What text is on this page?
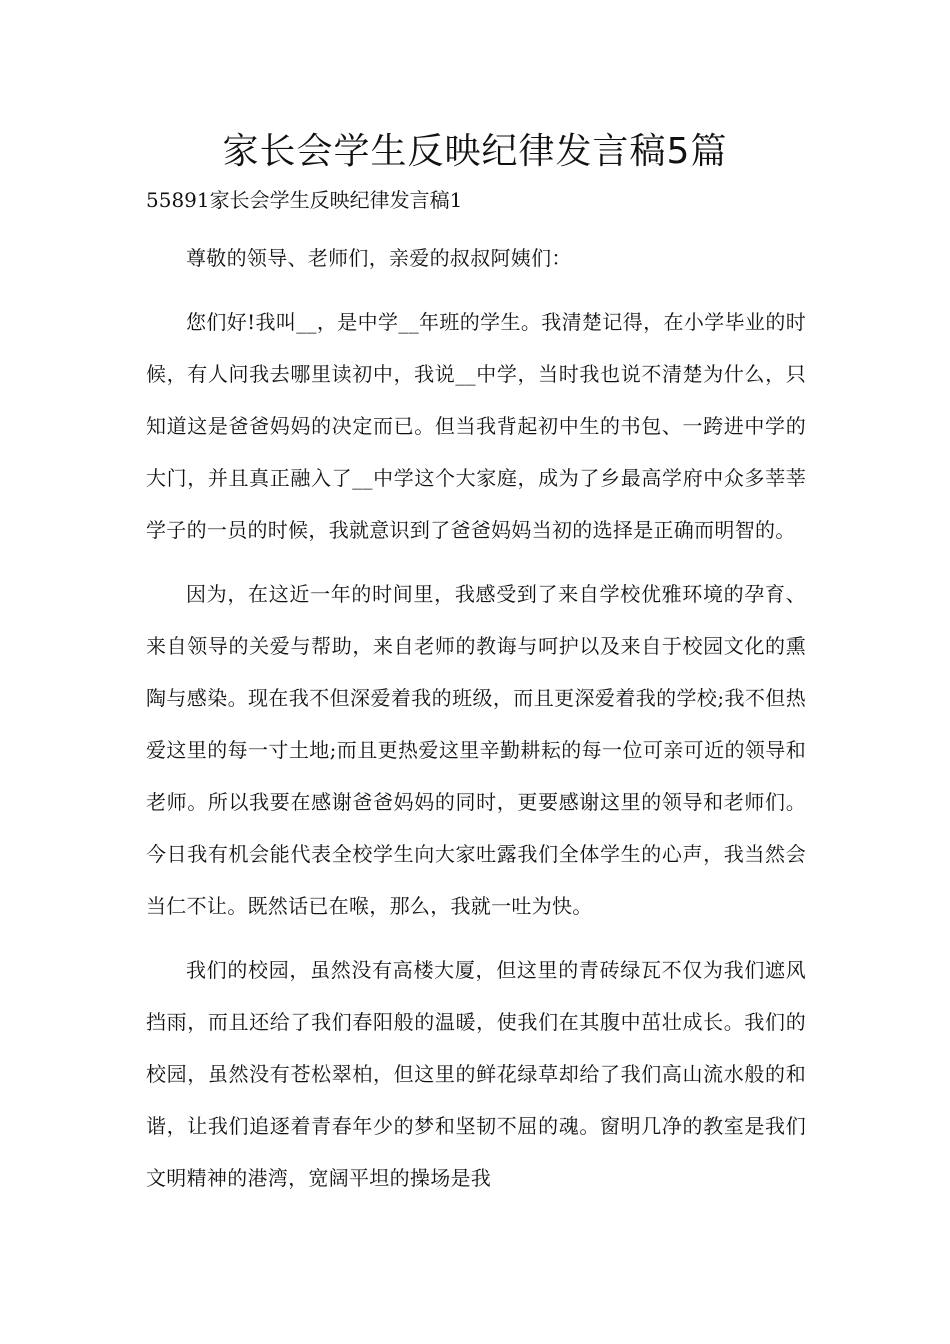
家长会学生反映纪律发言稿5篇

55891家长会学生反映纪律发言稿1

尊敬的领导、老师们，亲爱的叔叔阿姨们：

您们好!我叫__，是中学__年班的学生。我清楚记得，在小学毕业的时候，有人问我去哪里读初中，我说__中学，当时我也说不清楚为什么，只知道这是爸爸妈妈的决定而已。但当我背起初中生的书包、一跨进中学的大门，并且真正融入了__中学这个大家庭，成为了乡最高学府中众多莘莘学子的一员的时候，我就意识到了爸爸妈妈当初的选择是正确而明智的。

因为，在这近一年的时间里，我感受到了来自学校优雅环境的孕育、来自领导的关爱与帮助，来自老师的教诲与呵护以及来自于校园文化的熏陶与感染。现在我不但深爱着我的班级，而且更深爱着我的学校;我不但热爱这里的每一寸土地;而且更热爱这里辛勤耕耘的每一位可亲可近的领导和老师。所以我要在感谢爸爸妈妈的同时，更要感谢这里的领导和老师们。今日我有机会能代表全校学生向大家吐露我们全体学生的心声，我当然会当仁不让。既然话已在喉，那么，我就一吐为快。

我们的校园，虽然没有高楼大厦，但这里的青砖绿瓦不仅为我们遮风挡雨，而且还给了我们春阳般的温暖，使我们在其腹中茁壮成长。我们的校园，虽然没有苍松翠柏，但这里的鲜花绿草却给了我们高山流水般的和谐，让我们追逐着青春年少的梦和坚韧不屈的魂。窗明几净的教室是我们文明精神的港湾，宽阔平坦的操场是我
